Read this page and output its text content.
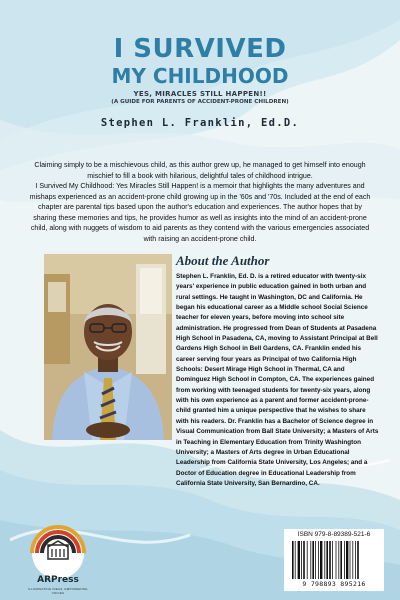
I SURVIVED
MY CHILDHOOD
YES, MIRACLES STILL HAPPEN!!
(A GUIDE FOR PARENTS OF ACCIDENT-PRONE CHILDREN)
Stephen L. Franklin, Ed.D.

Claiming simply to be a mischievous child, as this author grew up, he managed to get himself into enough mischief to fill a book with hilarious, delightful tales of childhood intrigue.

I Survived My Childhood: Yes Miracles Still Happen! is a memoir that highlights the many adventures and mishaps experienced as an accident-prone child growing up in the '60s and '70s. Included at the end of each chapter are parental tips based upon the author's education and experiences. The author hopes that by sharing these memories and tips, he provides humor as well as insights into the mind of an accident-prone child, along with nuggets of wisdom to aid parents as they contend with the various emergencies associated with raising an accident-prone child.

About the Author
Stephen L. Franklin, Ed. D. is a retired educator with twenty-six years' experience in public education gained in both urban and rural settings. He taught in Washington, DC and California. He began his educational career as a Middle school Social Science teacher for eleven years, before moving into school site administration. He progressed from Dean of Students at Pasadena High School in Pasadena, CA, moving to Assistant Principal at Bell Gardens High School in Bell Gardens, CA. Franklin ended his career serving four years as Principal of two California High Schools: Desert Mirage High School in Thermal, CA and Dominguez High School in Compton, CA. The experiences gained from working with teenaged students for twenty-six years, along with his own experience as a parent and former accident-prone-child granted him a unique perspective that he wishes to share with his readers. Dr. Franklin has a Bachelor of Science degree in Visual Communication from Ball State University; a Masters of Arts in Teaching in Elementary Education from Trinity Washington University; a Masters of Arts degree in Urban Educational Leadership from California State University, Los Angeles; and a Doctor of Education degree in Educational Leadership from California State University, San Bernardino, CA.
ARPress
ILLUMINATING IDEAS, EMPOWERING VOICES
ISBN 979-8-89389-521-6
9 798893 895216
